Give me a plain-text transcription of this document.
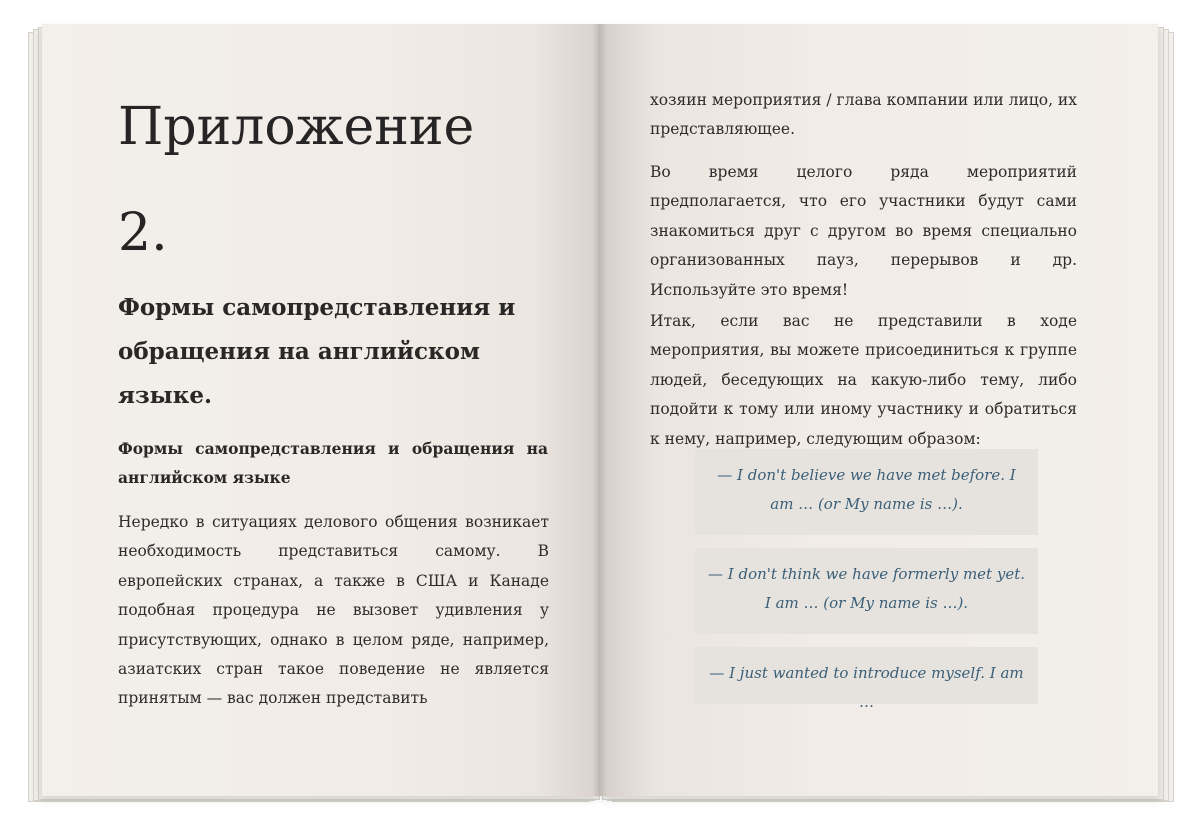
Приложение
2.
Формы самопредставления и обращения на английском языке.
Формы самопредставления и обращения на английском языке
Нередко в ситуациях делового общения возникает необходимость представиться самому. В европейских странах, а также в США и Канаде подобная процедура не вызовет удивления у присутствующих, однако в целом ряде, например, азиатских стран такое поведение не является принятым — вас должен представить
хозяин мероприятия / глава компании или лицо, их представляющее.
Во время целого ряда мероприятий предполагается, что его участники будут сами знакомиться друг с другом во время специально организованных пауз, перерывов и др. Используйте это время!
Итак, если вас не представили в ходе мероприятия, вы можете присоединиться к группе людей, беседующих на какую-либо тему, либо подойти к тому или иному участнику и обратиться к нему, например, следующим образом:
— I don't believe we have met before. I am … (or My name is …).
— I don't think we have formerly met yet. I am … (or My name is …).
— I just wanted to introduce myself. I am …
